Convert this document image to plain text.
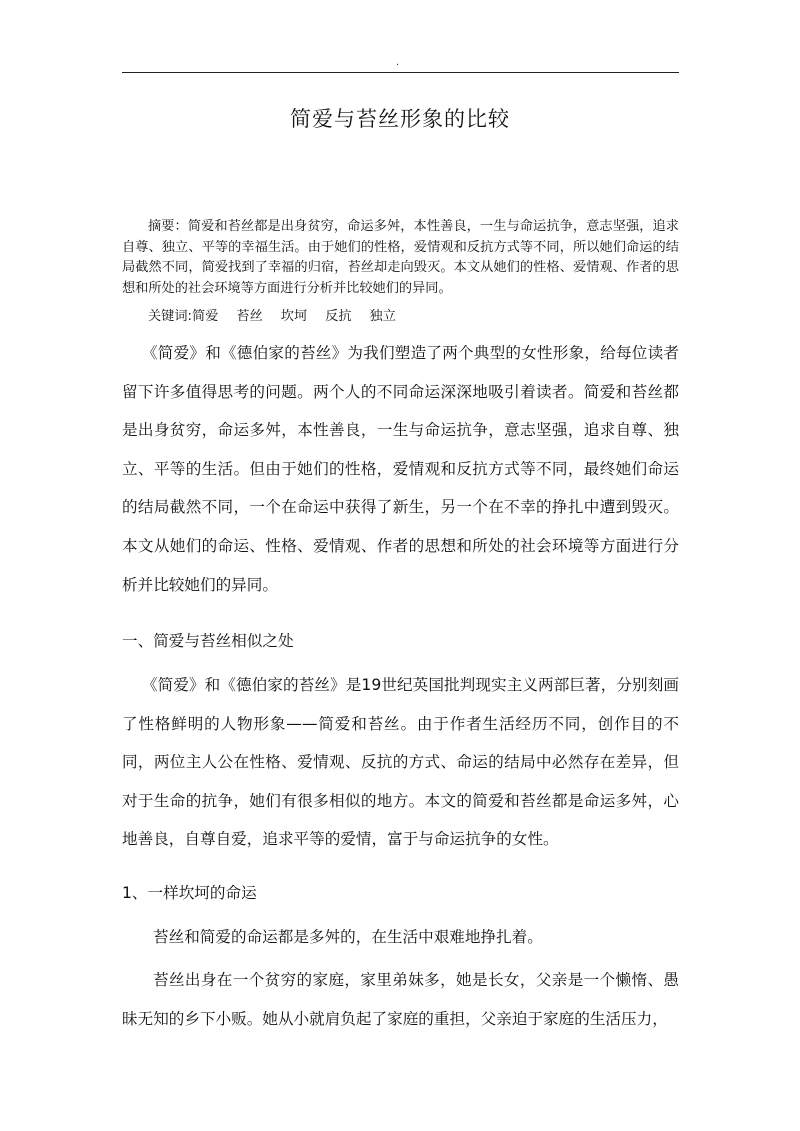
.
简爱与苔丝形象的比较

摘要：简爱和苔丝都是出身贫穷，命运多舛，本性善良，一生与命运抗争，意志坚强，追求自尊、独立、平等的幸福生活。由于她们的性格，爱情观和反抗方式等不同，所以她们命运的结局截然不同，简爱找到了幸福的归宿，苔丝却走向毁灭。本文从她们的性格、爱情观、作者的思想和所处的社会环境等方面进行分析并比较她们的异同。

关键词:简爱 苔丝 坎坷 反抗 独立

《简爱》和《德伯家的苔丝》为我们塑造了两个典型的女性形象，给每位读者留下许多值得思考的问题。两个人的不同命运深深地吸引着读者。简爱和苔丝都是出身贫穷，命运多舛，本性善良，一生与命运抗争，意志坚强，追求自尊、独立、平等的生活。但由于她们的性格，爱情观和反抗方式等不同，最终她们命运的结局截然不同，一个在命运中获得了新生，另一个在不幸的挣扎中遭到毁灭。本文从她们的命运、性格、爱情观、作者的思想和所处的社会环境等方面进行分析并比较她们的异同。

一、简爱与苔丝相似之处

《简爱》和《德伯家的苔丝》是19世纪英国批判现实主义两部巨著，分别刻画了性格鲜明的人物形象——简爱和苔丝。由于作者生活经历不同，创作目的不同，两位主人公在性格、爱情观、反抗的方式、命运的结局中必然存在差异，但对于生命的抗争，她们有很多相似的地方。本文的简爱和苔丝都是命运多舛，心地善良，自尊自爱，追求平等的爱情，富于与命运抗争的女性。

1、一样坎坷的命运

苔丝和简爱的命运都是多舛的，在生活中艰难地挣扎着。

苔丝出身在一个贫穷的家庭，家里弟妹多，她是长女，父亲是一个懒惰、愚昧无知的乡下小贩。她从小就肩负起了家庭的重担，父亲迫于家庭的生活压力，
